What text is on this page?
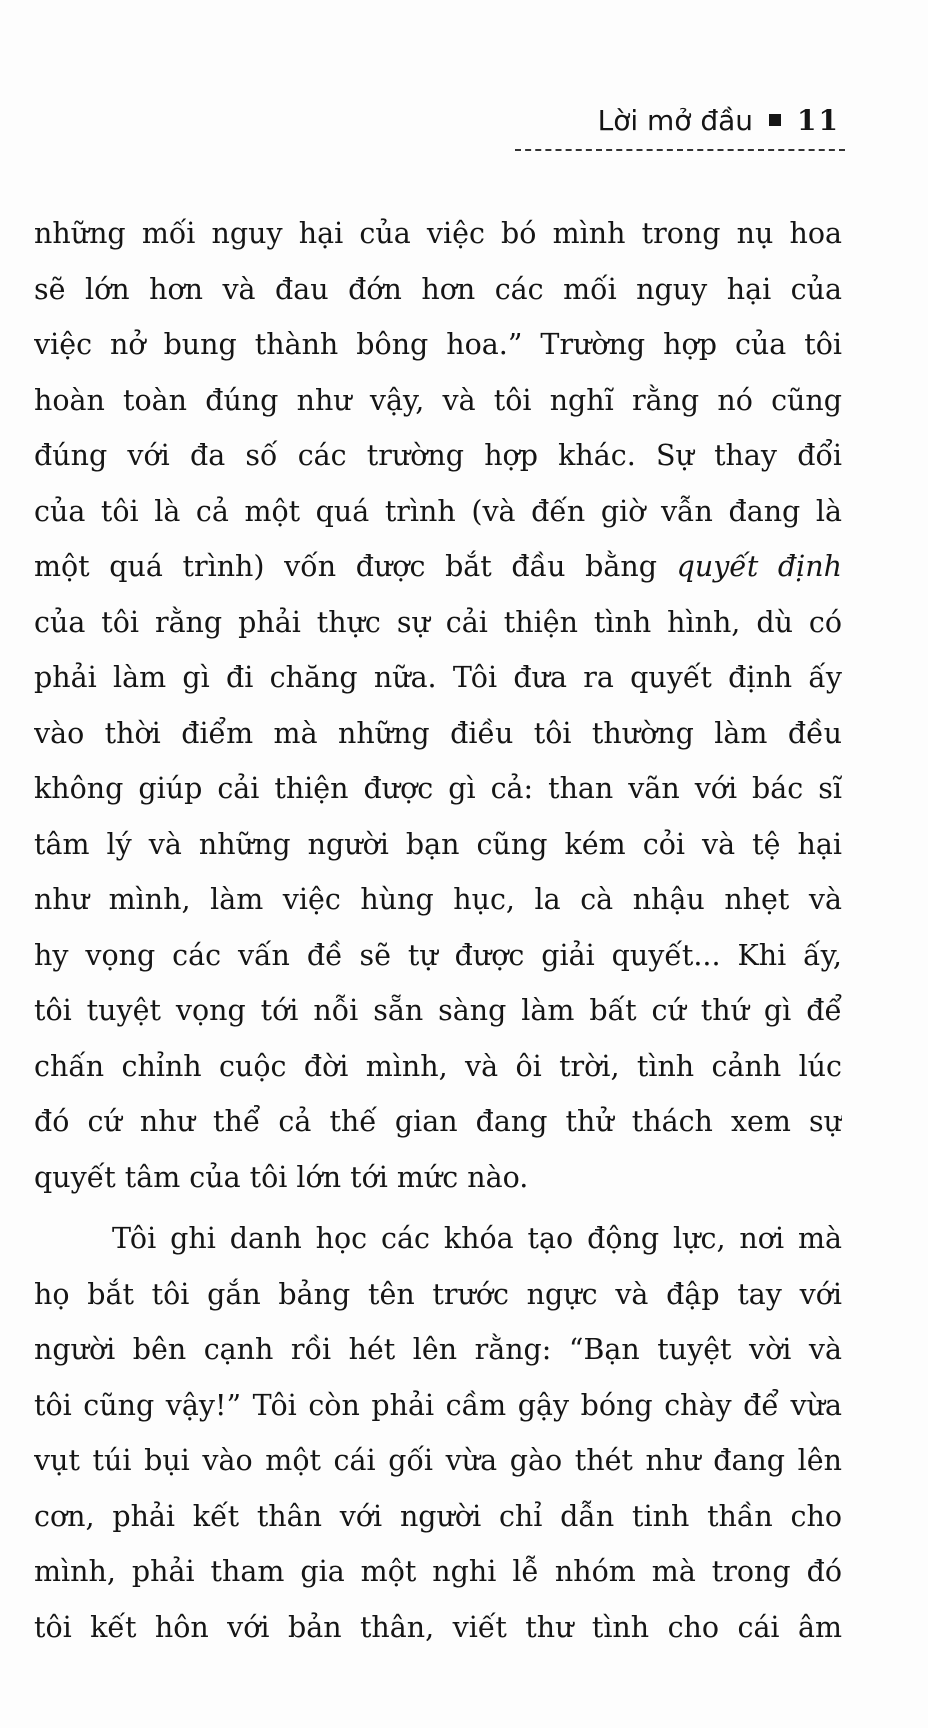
Lời mở đầu 11
những mối nguy hại của việc bó mình trong nụ hoa
sẽ lớn hơn và đau đớn hơn các mối nguy hại của
việc nở bung thành bông hoa.” Trường hợp của tôi
hoàn toàn đúng như vậy, và tôi nghĩ rằng nó cũng
đúng với đa số các trường hợp khác. Sự thay đổi
của tôi là cả một quá trình (và đến giờ vẫn đang là
một quá trình) vốn được bắt đầu bằng quyết định
của tôi rằng phải thực sự cải thiện tình hình, dù có
phải làm gì đi chăng nữa. Tôi đưa ra quyết định ấy
vào thời điểm mà những điều tôi thường làm đều
không giúp cải thiện được gì cả: than vãn với bác sĩ
tâm lý và những người bạn cũng kém cỏi và tệ hại
như mình, làm việc hùng hục, la cà nhậu nhẹt và
hy vọng các vấn đề sẽ tự được giải quyết... Khi ấy,
tôi tuyệt vọng tới nỗi sẵn sàng làm bất cứ thứ gì để
chấn chỉnh cuộc đời mình, và ôi trời, tình cảnh lúc
đó cứ như thể cả thế gian đang thử thách xem sự
quyết tâm của tôi lớn tới mức nào.
Tôi ghi danh học các khóa tạo động lực, nơi mà
họ bắt tôi gắn bảng tên trước ngực và đập tay với
người bên cạnh rồi hét lên rằng: “Bạn tuyệt vời và
tôi cũng vậy!” Tôi còn phải cầm gậy bóng chày để vừa
vụt túi bụi vào một cái gối vừa gào thét như đang lên
cơn, phải kết thân với người chỉ dẫn tinh thần cho
mình, phải tham gia một nghi lễ nhóm mà trong đó
tôi kết hôn với bản thân, viết thư tình cho cái âm
